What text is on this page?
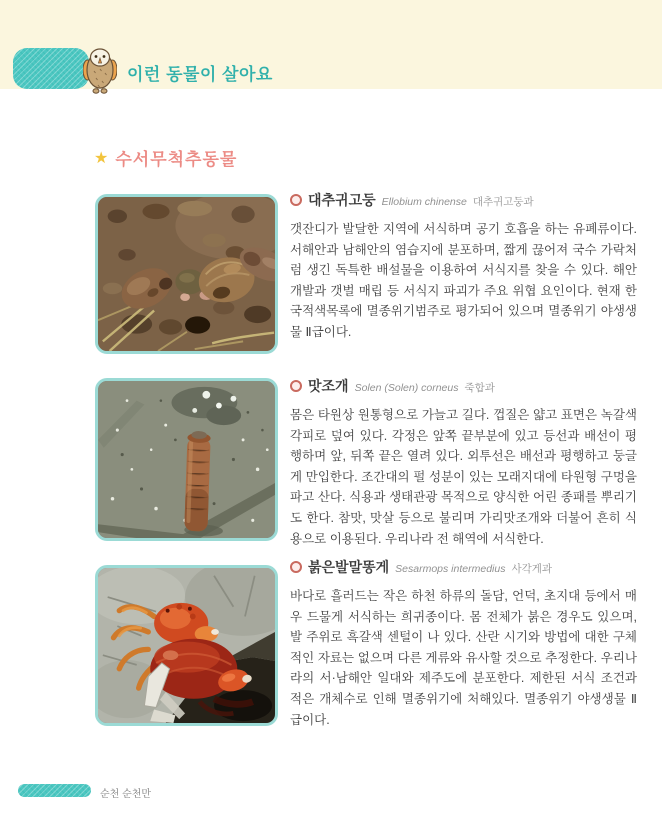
이런 동물이 살아요
★ 수서무척추동물
대추귀고둥 Ellobium chinense 대추귀고둥과
갯잔디가 발달한 지역에 서식하며 공기 호흡을 하는 유폐류이다. 서해안과 남해안의 염습지에 분포하며, 짧게 끊어져 국수 가락처럼 생긴 독특한 배설물을 이용하여 서식지를 찾을 수 있다. 해안개발과 갯벌 매립 등 서식지 파괴가 주요 위협 요인이다. 현재 한국적색목록에 멸종위기범주로 평가되어 있으며 멸종위기 야생생물 Ⅱ급이다.
맛조개 Solen (Solen) corneus 죽합과
몸은 타원상 원통형으로 가늘고 길다. 껍질은 얇고 표면은 녹갈색 각피로 덮여 있다. 각정은 앞쪽 끝부분에 있고 등선과 배선이 평행하며 앞, 뒤쪽 끝은 열려 있다. 외투선은 배선과 평행하고 둥글게 만입한다. 조간대의 펄 성분이 있는 모래지대에 타원형 구멍을 파고 산다. 식용과 생태관광 목적으로 양식한 어린 종패를 뿌리기도 한다. 참맛, 맛살 등으로 불리며 가리맛조개와 더불어 흔히 식용으로 이용된다. 우리나라 전 해역에 서식한다.
붉은발말똥게 Sesarmops intermedius 사각게과
바다로 흘러드는 작은 하천 하류의 돌담, 언덕, 초지대 등에서 매우 드물게 서식하는 희귀종이다. 몸 전체가 붉은 경우도 있으며, 발 주위로 흑갈색 센털이 나 있다. 산란 시기와 방법에 대한 구체적인 자료는 없으며 다른 게류와 유사할 것으로 추정한다. 우리나라의 서·남해안 일대와 제주도에 분포한다. 제한된 서식 조건과 적은 개체수로 인해 멸종위기에 처해있다. 멸종위기 야생생물 Ⅱ급이다.
순천 순천만
